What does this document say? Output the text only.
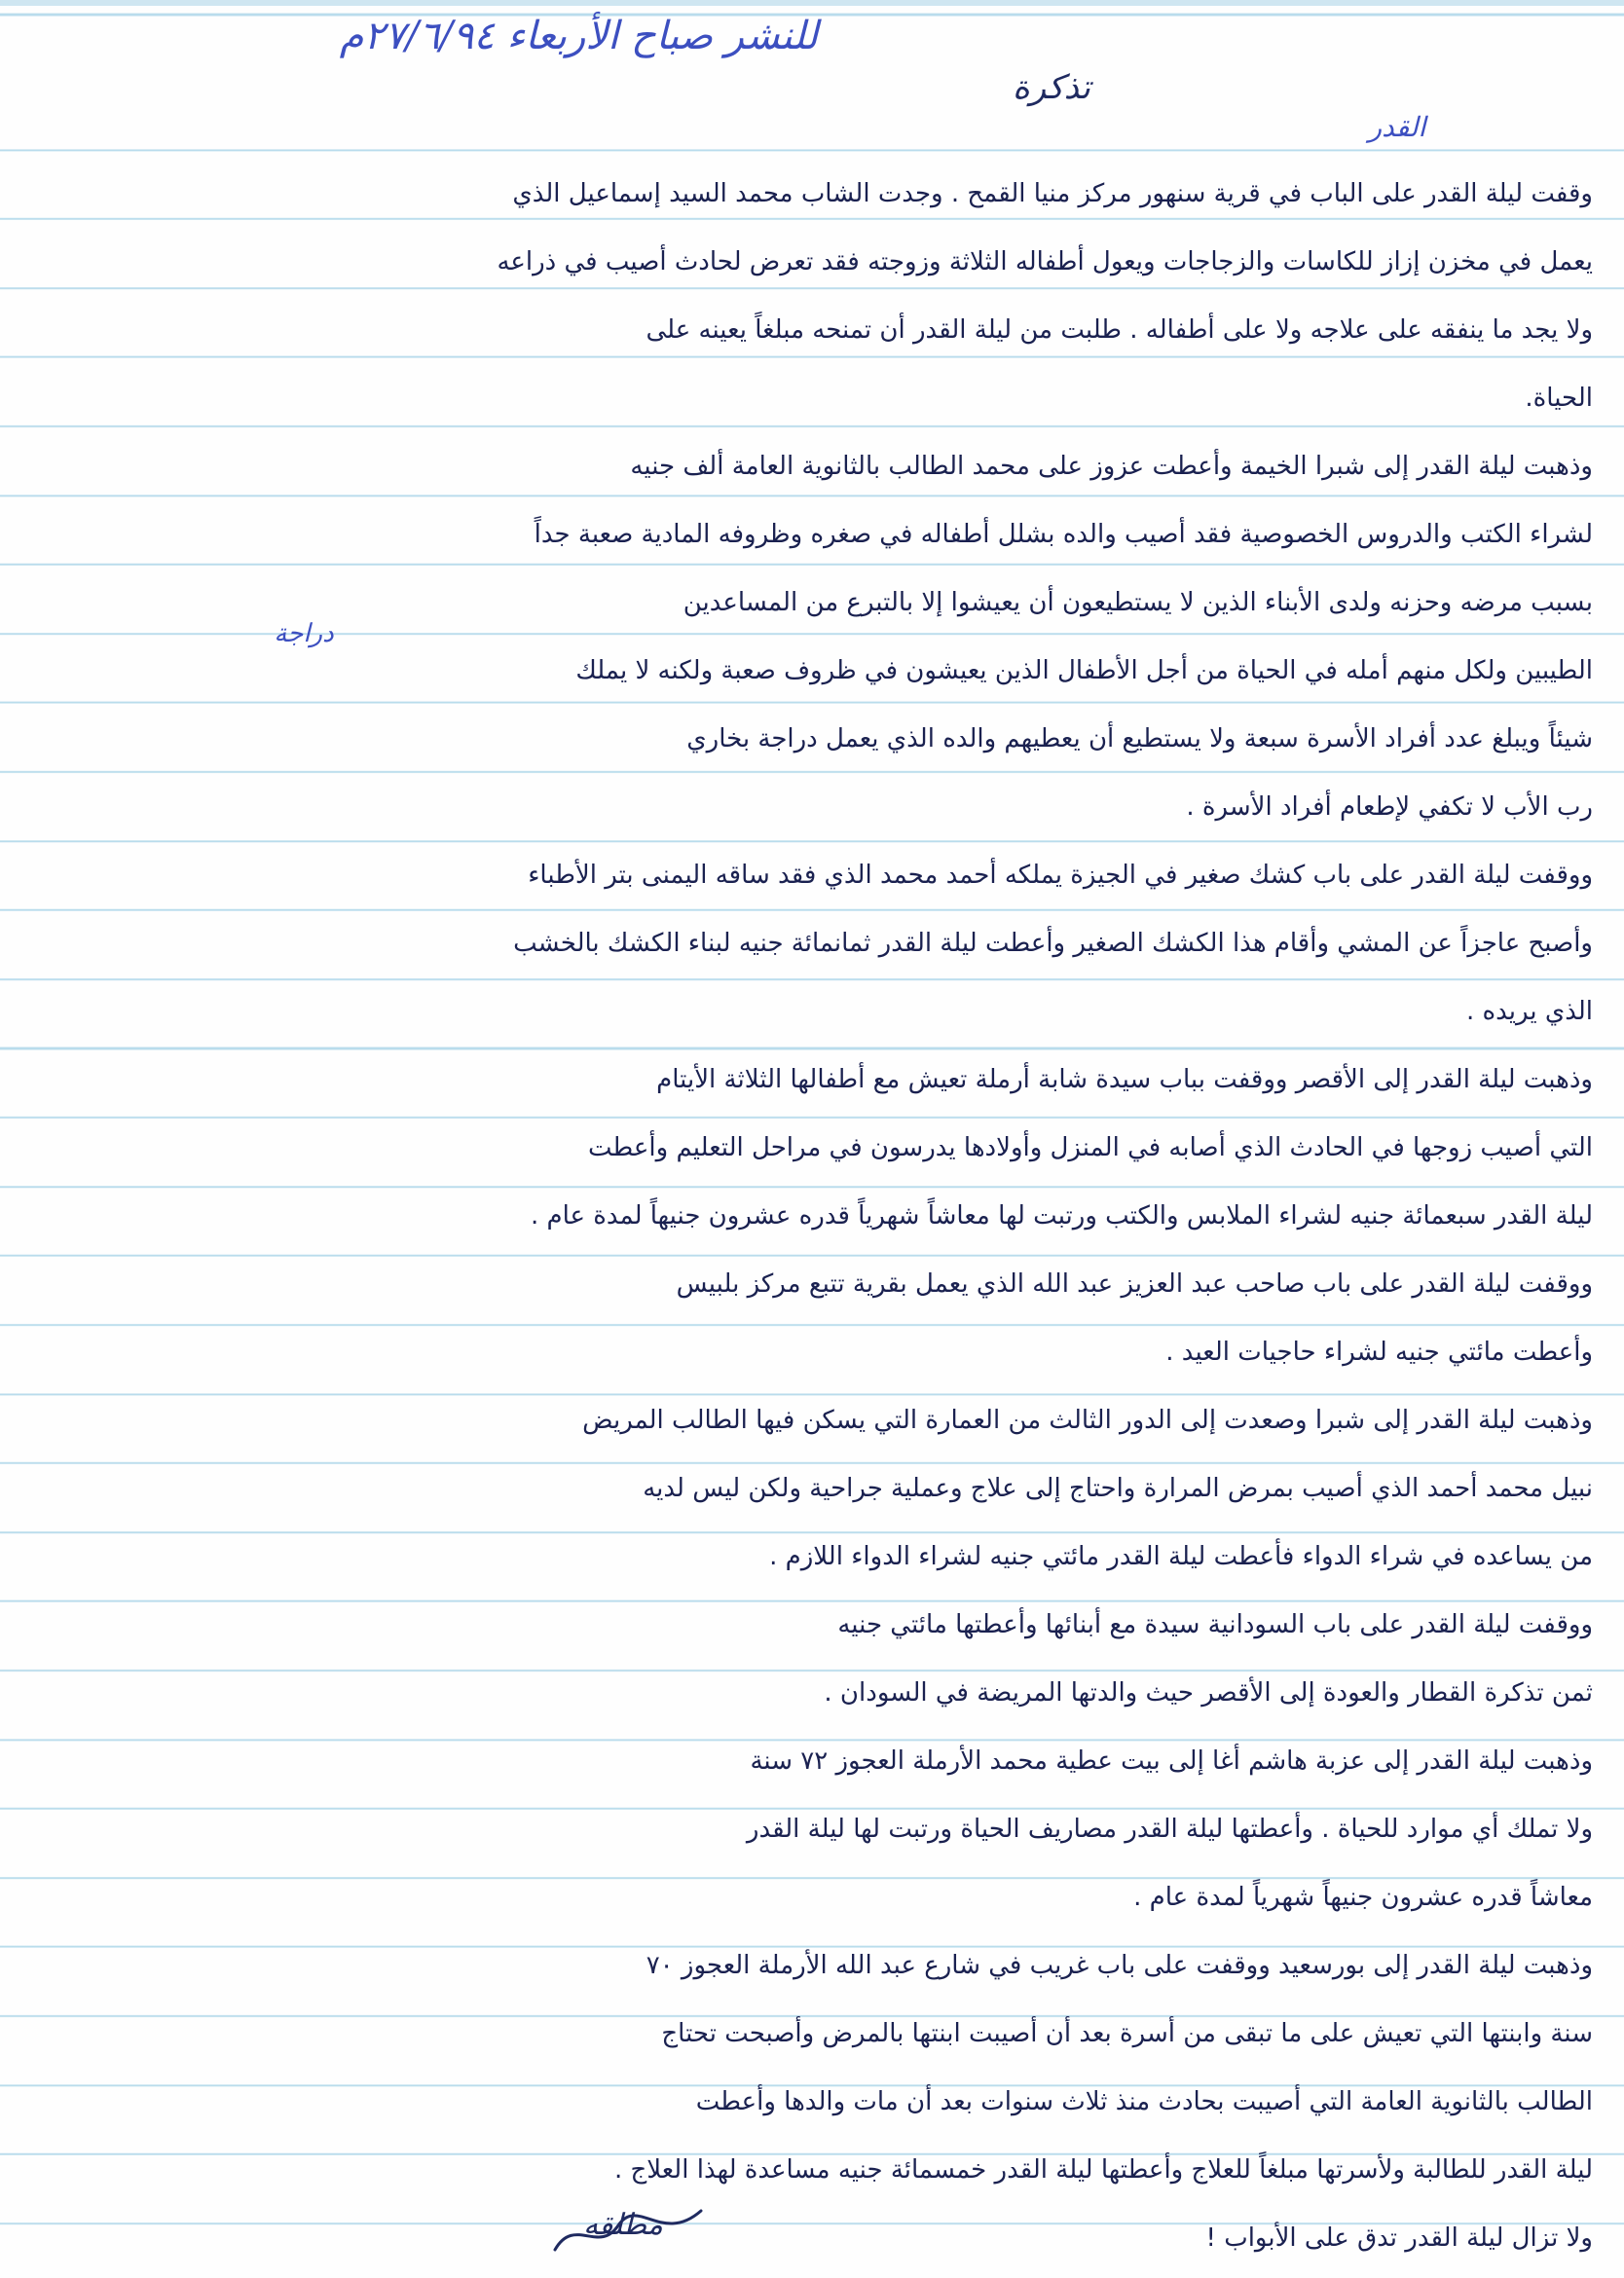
للنشر صباح الأربعاء ٢٧/٦/٩٤م
تذكرة
القدر
دراجة
وقفت ليلة القدر على الباب في قرية سنهور مركز منيا القمح . وجدت الشاب محمد السيد إسماعيل الذي
يعمل في مخزن إزاز للكاسات والزجاجات ويعول أطفاله الثلاثة وزوجته فقد تعرض لحادث أصيب في ذراعه
ولا يجد ما ينفقه على علاجه ولا على أطفاله . طلبت من ليلة القدر أن تمنحه مبلغاً يعينه على
الحياة.
وذهبت ليلة القدر إلى شبرا الخيمة وأعطت عزوز على محمد الطالب بالثانوية العامة ألف جنيه
لشراء الكتب والدروس الخصوصية فقد أصيب والده بشلل أطفاله في صغره وظروفه المادية صعبة جداً
بسبب مرضه وحزنه ولدى الأبناء الذين لا يستطيعون أن يعيشوا إلا بالتبرع من المساعدين
الطيبين ولكل منهم أمله في الحياة من أجل الأطفال الذين يعيشون في ظروف صعبة ولكنه لا يملك
شيئاً ويبلغ عدد أفراد الأسرة سبعة ولا يستطيع أن يعطيهم والده الذي يعمل دراجة بخاري
رب الأب لا تكفي لإطعام أفراد الأسرة .
ووقفت ليلة القدر على باب كشك صغير في الجيزة يملكه أحمد محمد الذي فقد ساقه اليمنى بتر الأطباء
وأصبح عاجزاً عن المشي وأقام هذا الكشك الصغير وأعطت ليلة القدر ثمانمائة جنيه لبناء الكشك بالخشب
الذي يريده .
وذهبت ليلة القدر إلى الأقصر ووقفت بباب سيدة شابة أرملة تعيش مع أطفالها الثلاثة الأيتام
التي أصيب زوجها في الحادث الذي أصابه في المنزل وأولادها يدرسون في مراحل التعليم وأعطت
ليلة القدر سبعمائة جنيه لشراء الملابس والكتب ورتبت لها معاشاً شهرياً قدره عشرون جنيهاً لمدة عام .
ووقفت ليلة القدر على باب صاحب عبد العزيز عبد الله الذي يعمل بقرية تتبع مركز بلبيس
وأعطت مائتي جنيه لشراء حاجيات العيد .
وذهبت ليلة القدر إلى شبرا وصعدت إلى الدور الثالث من العمارة التي يسكن فيها الطالب المريض
نبيل محمد أحمد الذي أصيب بمرض المرارة واحتاج إلى علاج وعملية جراحية ولكن ليس لديه
من يساعده في شراء الدواء فأعطت ليلة القدر مائتي جنيه لشراء الدواء اللازم .
ووقفت ليلة القدر على باب السودانية سيدة مع أبنائها وأعطتها مائتي جنيه
ثمن تذكرة القطار والعودة إلى الأقصر حيث والدتها المريضة في السودان .
وذهبت ليلة القدر إلى عزبة هاشم أغا إلى بيت عطية محمد الأرملة العجوز ٧٢ سنة
ولا تملك أي موارد للحياة . وأعطتها ليلة القدر مصاريف الحياة ورتبت لها ليلة القدر
معاشاً قدره عشرون جنيهاً شهرياً لمدة عام .
وذهبت ليلة القدر إلى بورسعيد ووقفت على باب غريب في شارع عبد الله الأرملة العجوز ٧٠
سنة وابنتها التي تعيش على ما تبقى من أسرة بعد أن أصيبت ابنتها بالمرض وأصبحت تحتاج
الطالب بالثانوية العامة التي أصيبت بحادث منذ ثلاث سنوات بعد أن مات والدها وأعطت
ليلة القدر للطالبة ولأسرتها مبلغاً للعلاج وأعطتها ليلة القدر خمسمائة جنيه مساعدة لهذا العلاج .
ولا تزال ليلة القدر تدق على الأبواب !
مطلقه
